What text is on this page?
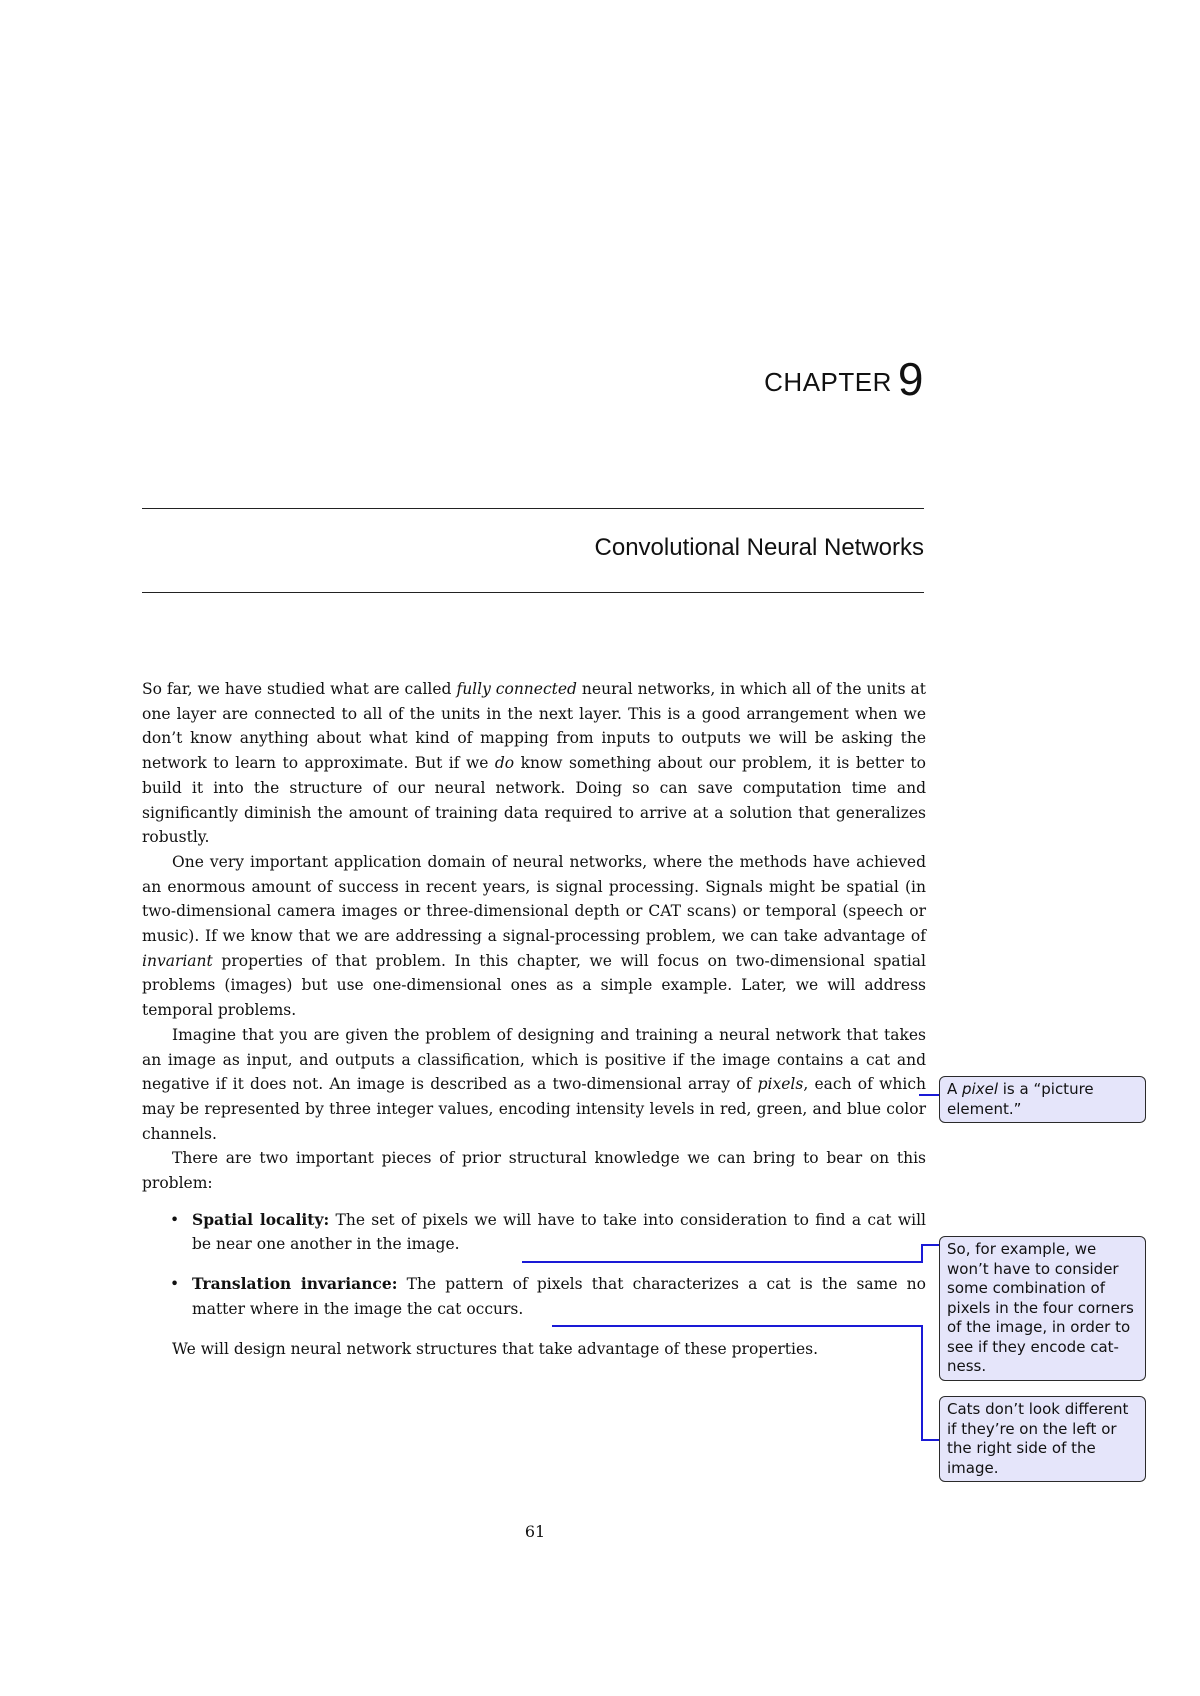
CHAPTER 9
Convolutional Neural Networks

So far, we have studied what are called fully connected neural networks, in which all of the units at one layer are connected to all of the units in the next layer. This is a good arrangement when we don’t know anything about what kind of mapping from inputs to outputs we will be asking the network to learn to approximate. But if we do know something about our problem, it is better to build it into the structure of our neural network. Doing so can save computation time and significantly diminish the amount of training data required to arrive at a solution that generalizes robustly.

One very important application domain of neural networks, where the methods have achieved an enormous amount of success in recent years, is signal processing. Signals might be spatial (in two-dimensional camera images or three-dimensional depth or CAT scans) or temporal (speech or music). If we know that we are addressing a signal-processing problem, we can take advantage of invariant properties of that problem. In this chapter, we will focus on two-dimensional spatial problems (images) but use one-dimensional ones as a simple example. Later, we will address temporal problems.

Imagine that you are given the problem of designing and training a neural network that takes an image as input, and outputs a classification, which is positive if the image contains a cat and negative if it does not. An image is described as a two-dimensional array of pixels, each of which may be represented by three integer values, encoding intensity levels in red, green, and blue color channels.

There are two important pieces of prior structural knowledge we can bring to bear on this problem:

• Spatial locality: The set of pixels we will have to take into consideration to find a cat will be near one another in the image.
• Translation invariance: The pattern of pixels that characterizes a cat is the same no matter where in the image the cat occurs.

We will design neural network structures that take advantage of these properties.

A pixel is a “picture element.”
So, for example, we won’t have to consider some combination of pixels in the four corners of the image, in order to see if they encode cat-ness.
Cats don’t look different if they’re on the left or the right side of the image.
61
